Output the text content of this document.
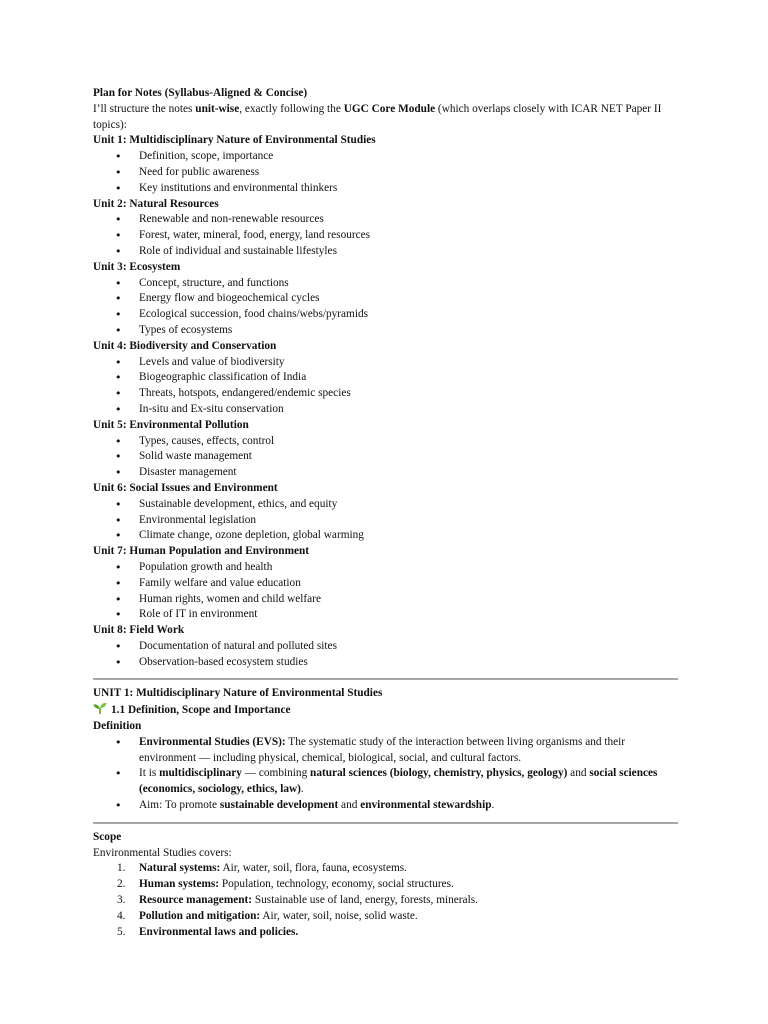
Plan for Notes (Syllabus-Aligned & Concise)

I’ll structure the notes unit-wise, exactly following the UGC Core Module (which overlaps closely with ICAR NET Paper II topics):

Unit 1: Multidisciplinary Nature of Environmental Studies
• Definition, scope, importance
• Need for public awareness
• Key institutions and environmental thinkers
Unit 2: Natural Resources
• Renewable and non-renewable resources
• Forest, water, mineral, food, energy, land resources
• Role of individual and sustainable lifestyles
Unit 3: Ecosystem
• Concept, structure, and functions
• Energy flow and biogeochemical cycles
• Ecological succession, food chains/webs/pyramids
• Types of ecosystems
Unit 4: Biodiversity and Conservation
• Levels and value of biodiversity
• Biogeographic classification of India
• Threats, hotspots, endangered/endemic species
• In-situ and Ex-situ conservation
Unit 5: Environmental Pollution
• Types, causes, effects, control
• Solid waste management
• Disaster management
Unit 6: Social Issues and Environment
• Sustainable development, ethics, and equity
• Environmental legislation
• Climate change, ozone depletion, global warming
Unit 7: Human Population and Environment
• Population growth and health
• Family welfare and value education
• Human rights, women and child welfare
• Role of IT in environment
Unit 8: Field Work
• Documentation of natural and polluted sites
• Observation-based ecosystem studies
UNIT 1: Multidisciplinary Nature of Environmental Studies
1.1 Definition, Scope and Importance
Definition
• Environmental Studies (EVS): The systematic study of the interaction between living organisms and their environment — including physical, chemical, biological, social, and cultural factors.
• It is multidisciplinary — combining natural sciences (biology, chemistry, physics, geology) and social sciences (economics, sociology, ethics, law).
• Aim: To promote sustainable development and environmental stewardship.
Scope
Environmental Studies covers:
1. Natural systems: Air, water, soil, flora, fauna, ecosystems.
2. Human systems: Population, technology, economy, social structures.
3. Resource management: Sustainable use of land, energy, forests, minerals.
4. Pollution and mitigation: Air, water, soil, noise, solid waste.
5. Environmental laws and policies.
